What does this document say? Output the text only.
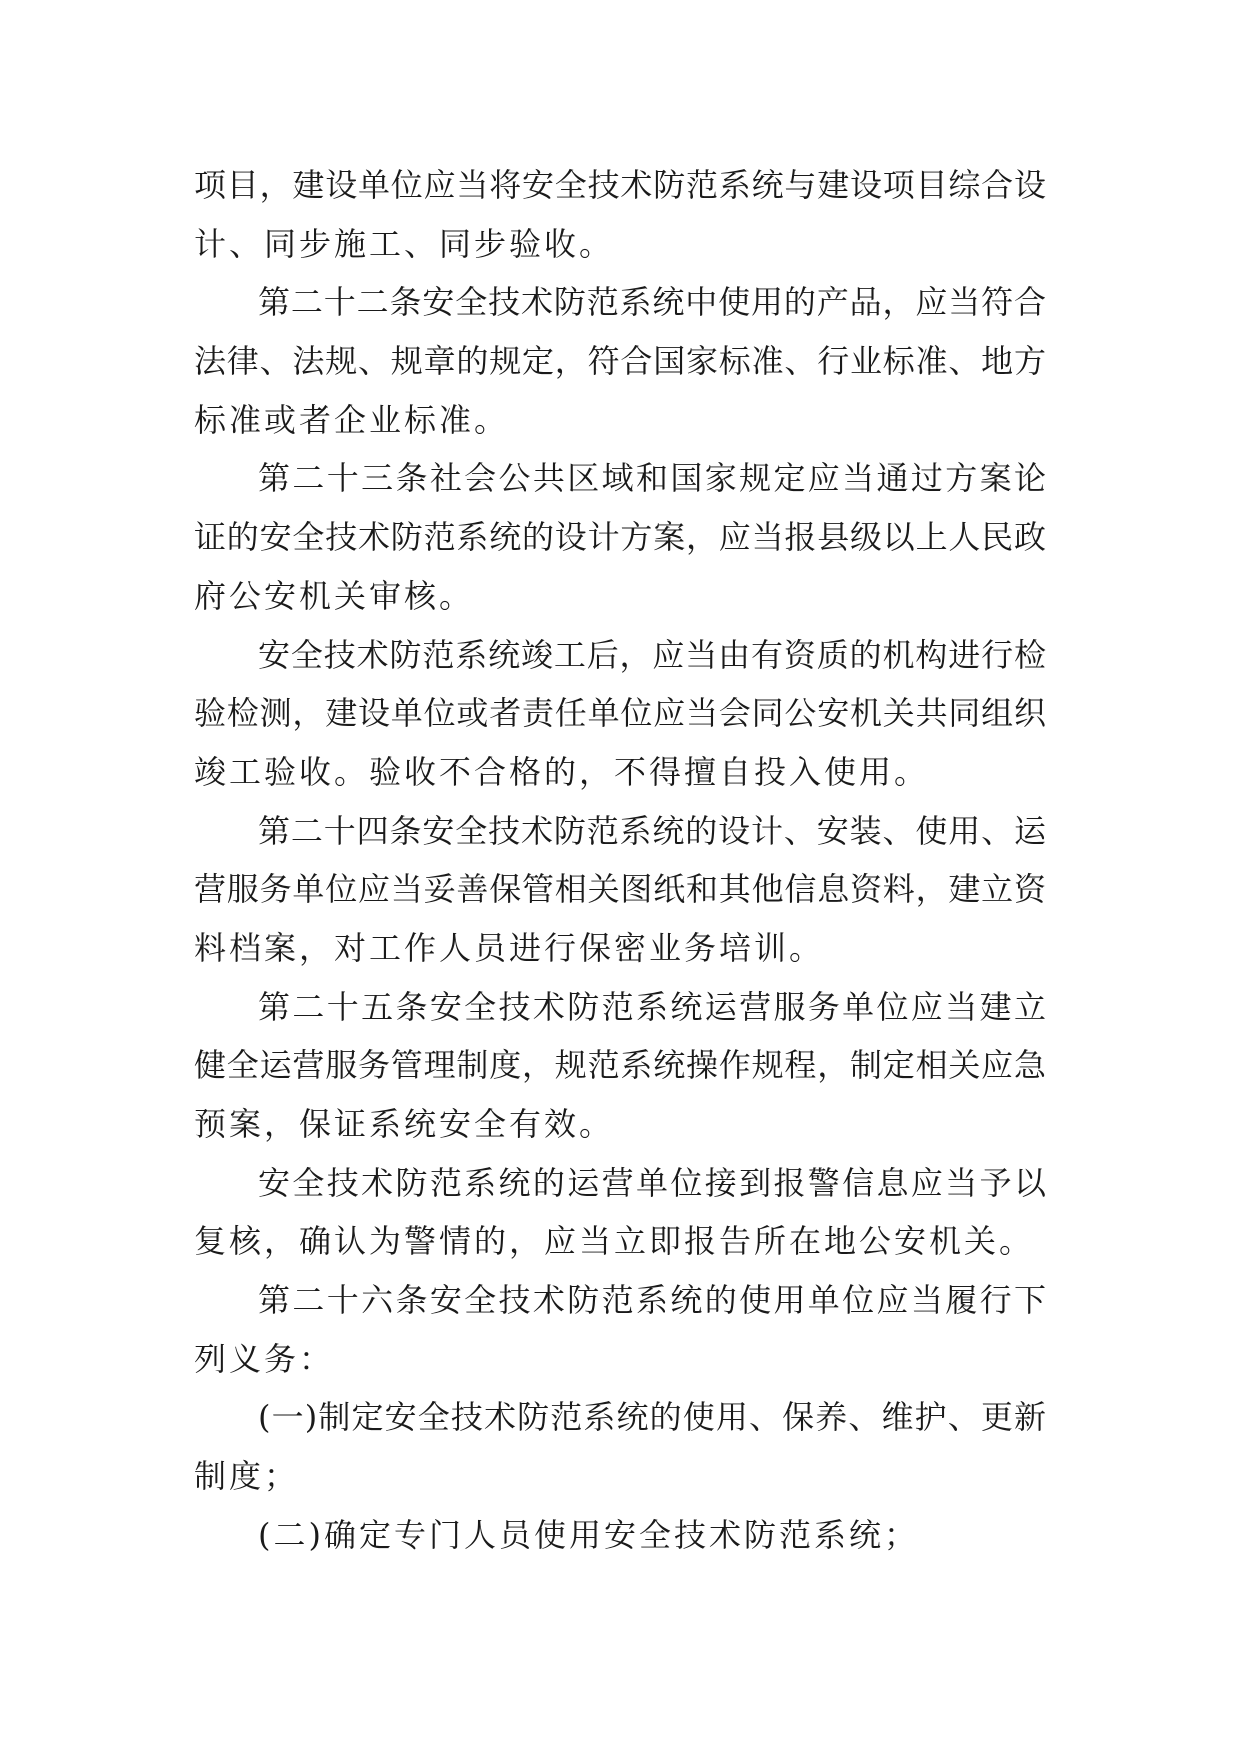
项目，建设单位应当将安全技术防范系统与建设项目综合设
计、同步施工、同步验收。
第二十二条安全技术防范系统中使用的产品，应当符合
法律、法规、规章的规定，符合国家标准、行业标准、地方
标准或者企业标准。
第二十三条社会公共区域和国家规定应当通过方案论
证的安全技术防范系统的设计方案，应当报县级以上人民政
府公安机关审核。
安全技术防范系统竣工后，应当由有资质的机构进行检
验检测，建设单位或者责任单位应当会同公安机关共同组织
竣工验收。验收不合格的，不得擅自投入使用。
第二十四条安全技术防范系统的设计、安装、使用、运
营服务单位应当妥善保管相关图纸和其他信息资料，建立资
料档案，对工作人员进行保密业务培训。
第二十五条安全技术防范系统运营服务单位应当建立
健全运营服务管理制度，规范系统操作规程，制定相关应急
预案，保证系统安全有效。
安全技术防范系统的运营单位接到报警信息应当予以
复核，确认为警情的，应当立即报告所在地公安机关。
第二十六条安全技术防范系统的使用单位应当履行下
列义务：
(一)制定安全技术防范系统的使用、保养、维护、更新
制度；
(二)确定专门人员使用安全技术防范系统；
